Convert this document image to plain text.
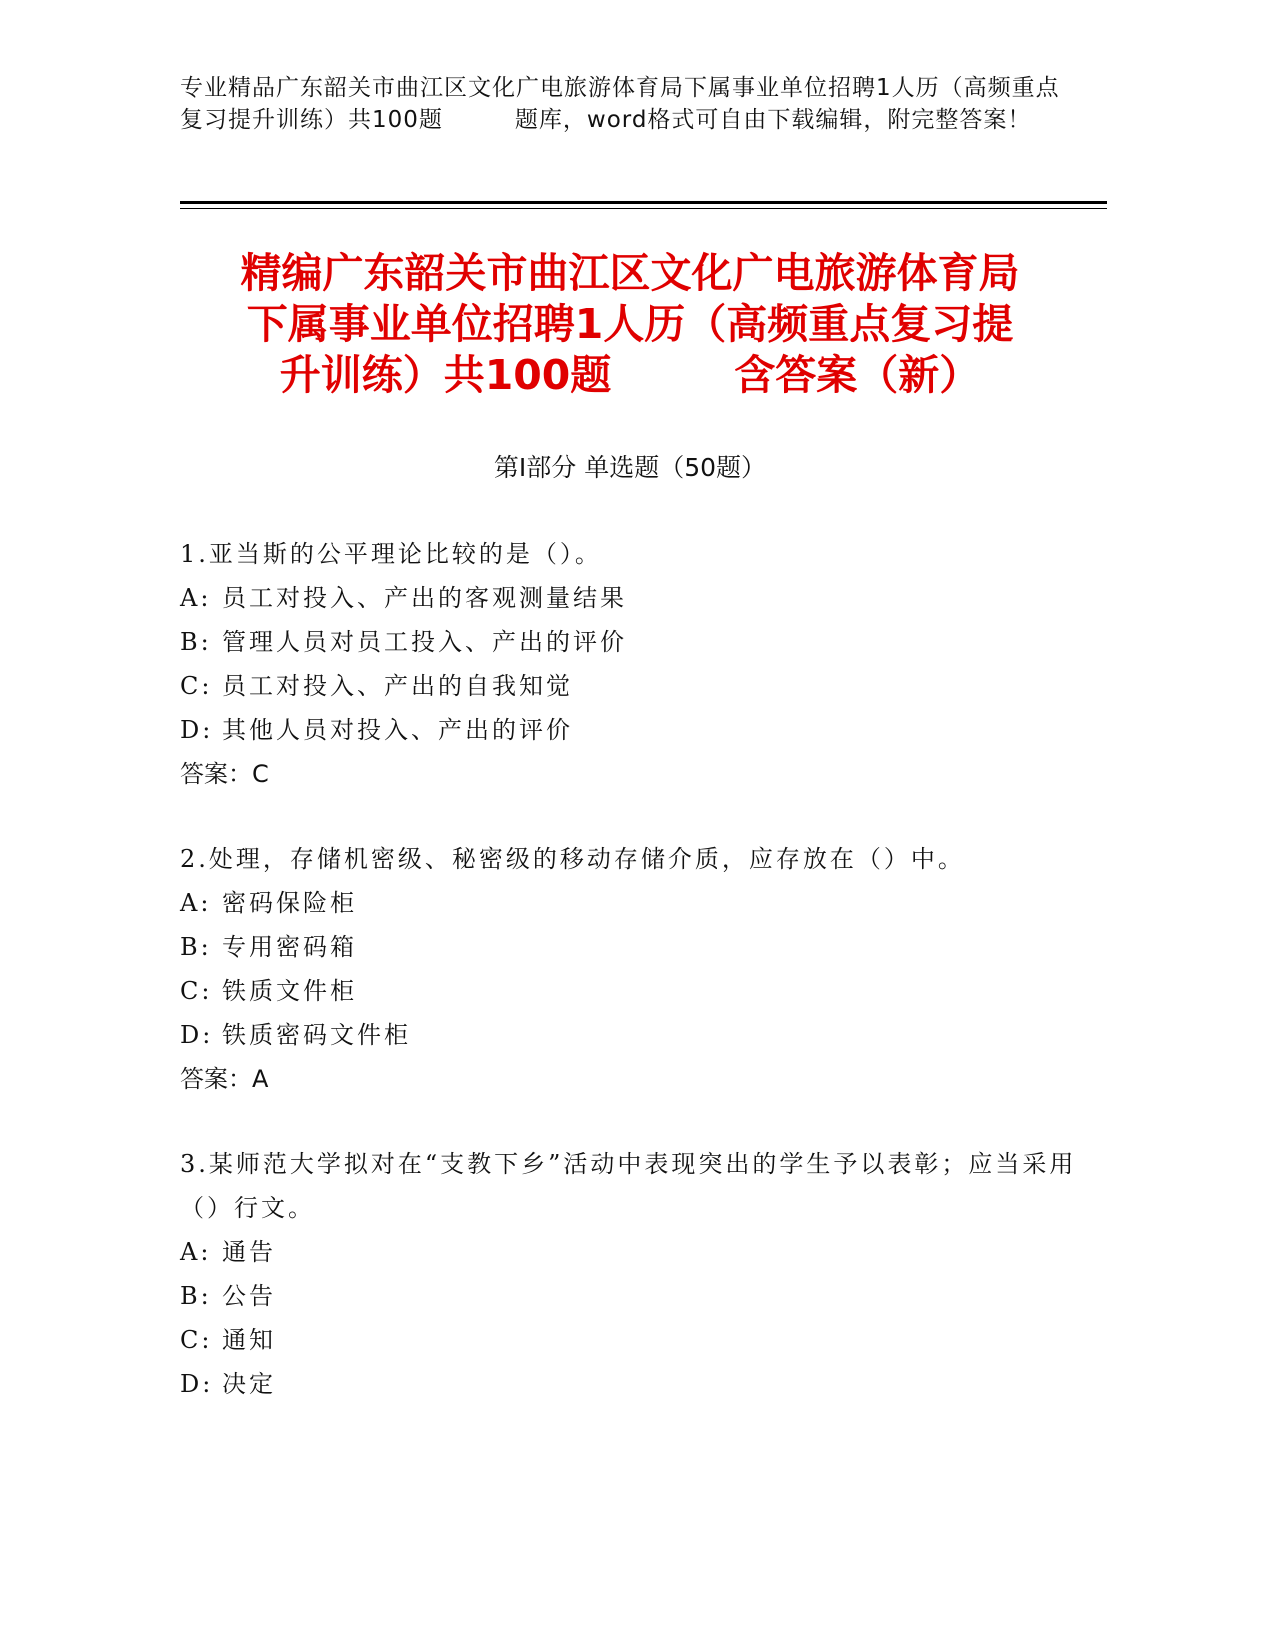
专业精品广东韶关市曲江区文化广电旅游体育局下属事业单位招聘1人历（高频重点复习提升训练）共100题　　　题库，word格式可自由下载编辑，附完整答案！
精编广东韶关市曲江区文化广电旅游体育局
下属事业单位招聘1人历（高频重点复习提
升训练）共100题　　　含答案（新）
第Ⅰ部分 单选题（50题）
1.亚当斯的公平理论比较的是（）。
A: 员工对投入、产出的客观测量结果
B: 管理人员对员工投入、产出的评价
C: 员工对投入、产出的自我知觉
D: 其他人员对投入、产出的评价
答案：C
2.处理，存储机密级、秘密级的移动存储介质，应存放在（）中。
A: 密码保险柜
B: 专用密码箱
C: 铁质文件柜
D: 铁质密码文件柜
答案：A
3.某师范大学拟对在“支教下乡”活动中表现突出的学生予以表彰；应当采用（）行文。
A: 通告
B: 公告
C: 通知
D: 决定
